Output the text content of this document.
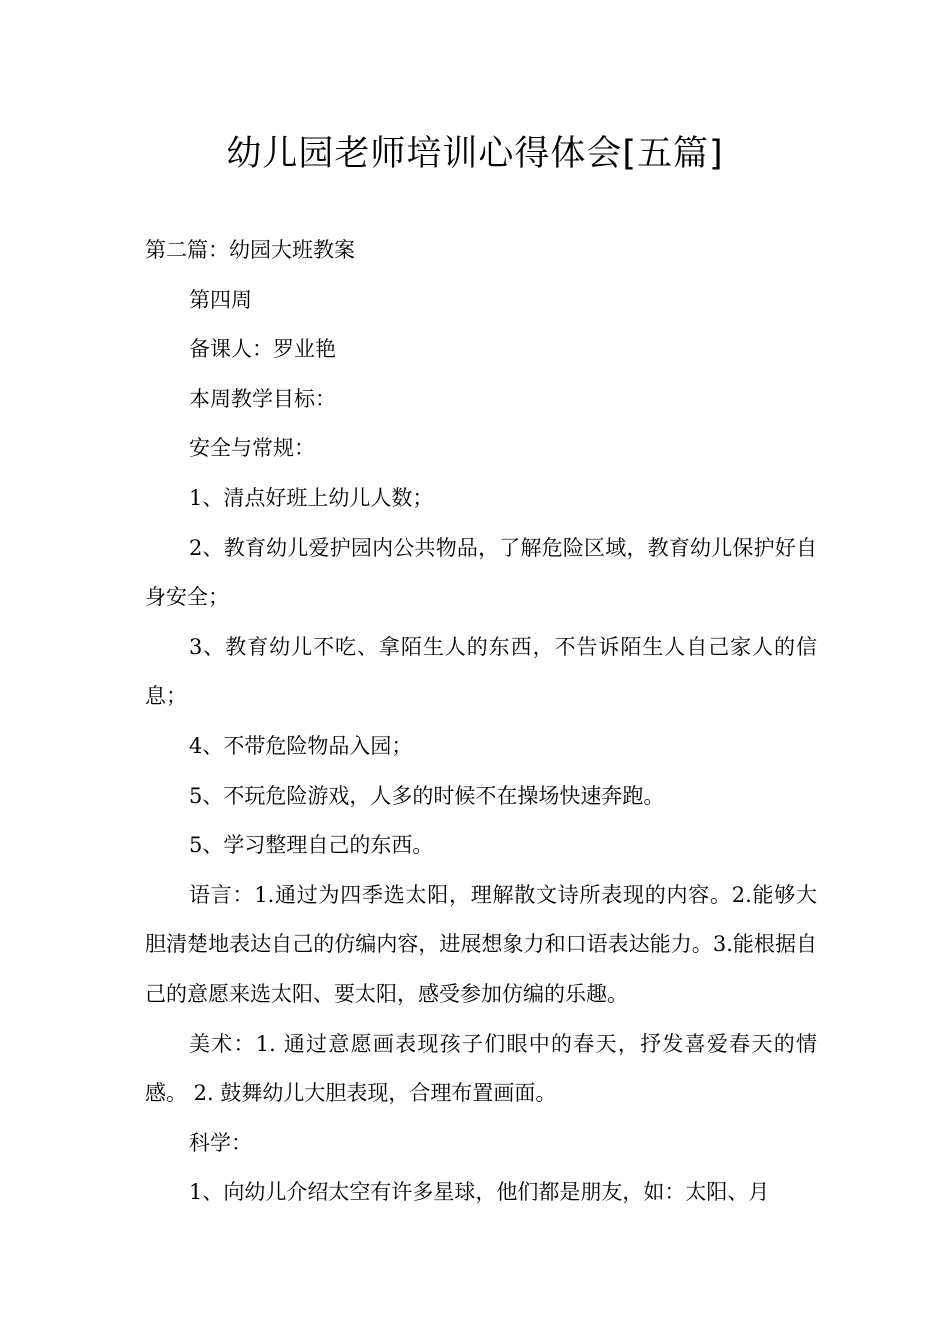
幼儿园老师培训心得体会[五篇]

第二篇：幼园大班教案

第四周

备课人：罗业艳

本周教学目标：

安全与常规：

1、清点好班上幼儿人数；

2、教育幼儿爱护园内公共物品，了解危险区域，教育幼儿保护好自身安全；

3、教育幼儿不吃、拿陌生人的东西，不告诉陌生人自己家人的信息；

4、不带危险物品入园；

5、不玩危险游戏，人多的时候不在操场快速奔跑。

5、学习整理自己的东西。

语言：1.通过为四季选太阳，理解散文诗所表现的内容。2.能够大胆清楚地表达自己的仿编内容，进展想象力和口语表达能力。3.能根据自己的意愿来选太阳、要太阳，感受参加仿编的乐趣。

美术：1. 通过意愿画表现孩子们眼中的春天，抒发喜爱春天的情感。 2. 鼓舞幼儿大胆表现，合理布置画面。

科学：

1、向幼儿介绍太空有许多星球，他们都是朋友，如：太阳、月
